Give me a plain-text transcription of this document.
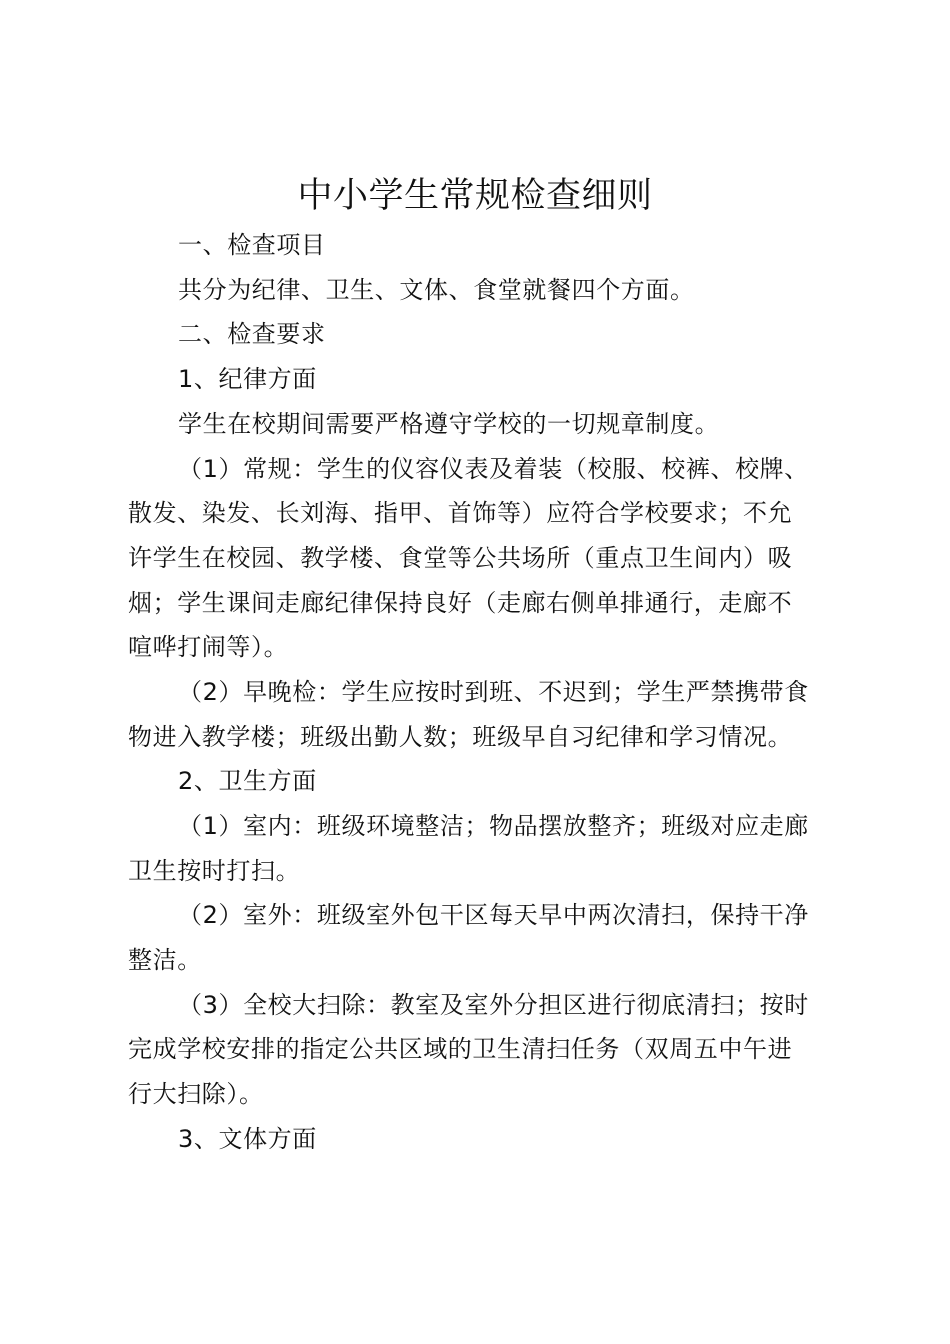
中小学生常规检查细则
一、检查项目
共分为纪律、卫生、文体、食堂就餐四个方面。
二、检查要求
1、纪律方面
学生在校期间需要严格遵守学校的一切规章制度。
（1）常规：学生的仪容仪表及着装（校服、校裤、校牌、
散发、染发、长刘海、指甲、首饰等）应符合学校要求；不允
许学生在校园、教学楼、食堂等公共场所（重点卫生间内）吸
烟；学生课间走廊纪律保持良好（走廊右侧单排通行，走廊不
喧哗打闹等）。
（2）早晚检：学生应按时到班、不迟到；学生严禁携带食
物进入教学楼；班级出勤人数；班级早自习纪律和学习情况。
2、卫生方面
（1）室内：班级环境整洁；物品摆放整齐；班级对应走廊
卫生按时打扫。
（2）室外：班级室外包干区每天早中两次清扫，保持干净
整洁。
（3）全校大扫除：教室及室外分担区进行彻底清扫；按时
完成学校安排的指定公共区域的卫生清扫任务（双周五中午进
行大扫除）。
3、文体方面
